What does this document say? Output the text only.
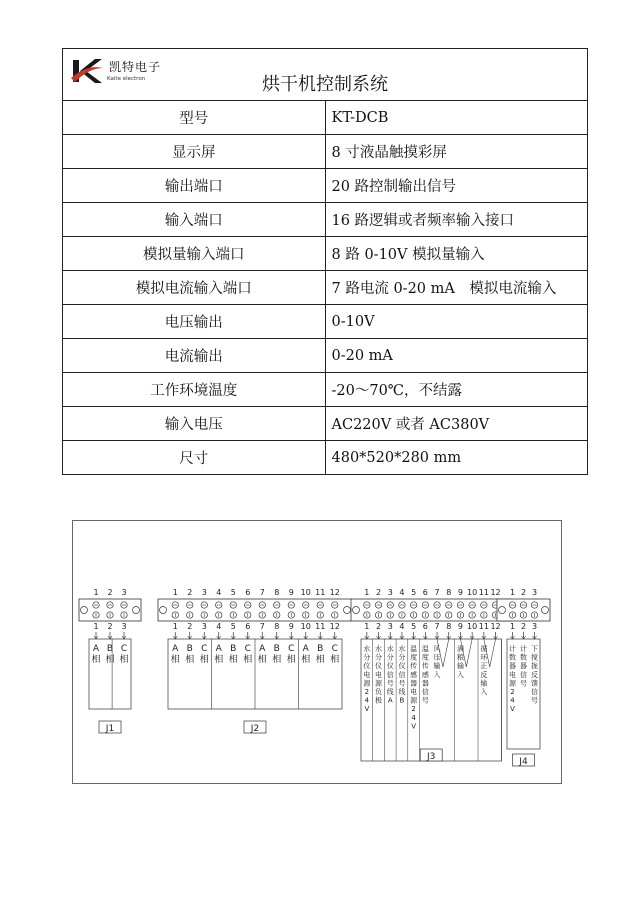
凯特电子
Kaite electron 烘干机控制系统	

型号	KT-DCB
显示屏	8 寸液晶触摸彩屏
输出端口	20 路控制输出信号
输入端口	16 路逻辑或者频率输入接口
模拟量输入端口	8 路 0-10V 模拟量输入
模拟电流输入端口	7 路电流 0-20 mA　模拟电流输入
电压输出	0-10V
电流输出	0-20 mA
工作环境温度	-20～70℃，不结露
输入电压	AC220V 或者 AC380V
尺寸	480*520*280 mm
1
1
A
相
2
2
B
相
3
3
C
相
J1
1
1
A
相
2
2
B
相
3
3
C
相
4
4
A
相
5
5
B
相
6
6
C
相
7
7
A
相
8
8
B
相
9
9
C
相
10
10
A
相
11
11
B
相
12
12
C
相
J2
1
1
水
分
仪
电
源
2
4
V
2
2
水
分
仪
电
源
负
极
3
3
水
分
仪
信
号
线
A
4
4
水
分
仪
信
号
线
B
5
5
温
度
传
感
器
电
源
2
4
V
6
6
温
度
传
感
器
信
号
7
7
风
压
输
入
8
8
9
9
满
粮
输
入
10
10
11
11
循
环
正
反
输
入
12
12
J3
1
1
计
数
器
电
源
2
4
V
2
2
计
数
器
信
号
3
3
下
搅
拢
反
馈
信
号
J4
